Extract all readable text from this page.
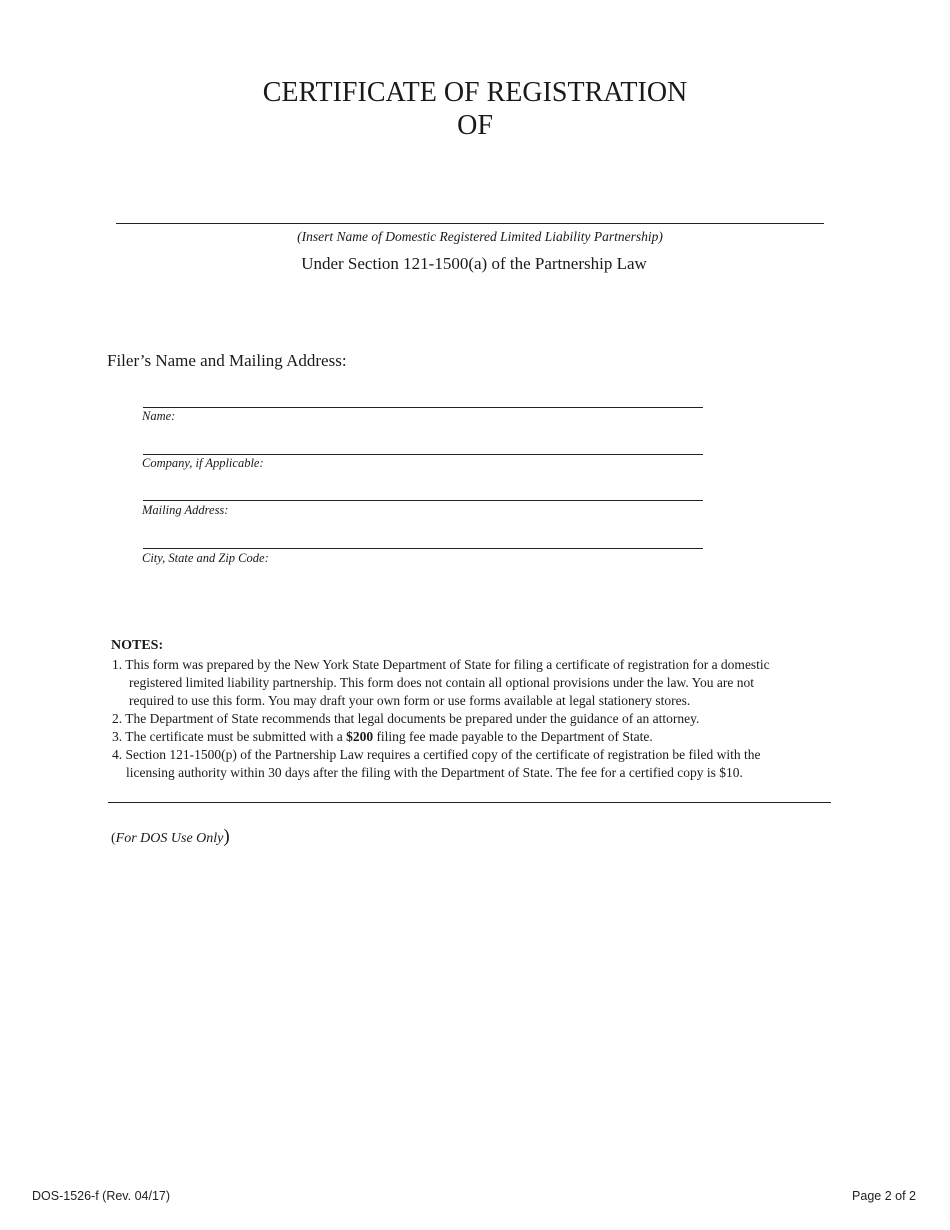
CERTIFICATE OF REGISTRATION
OF
(Insert Name of Domestic Registered Limited Liability Partnership)
Under Section 121-1500(a) of the Partnership Law
Filer’s Name and Mailing Address:
Name:
Company, if Applicable:
Mailing Address:
City, State and Zip Code:
NOTES:
1. This form was prepared by the New York State Department of State for filing a certificate of registration for a domestic
registered limited liability partnership. This form does not contain all optional provisions under the law. You are not
required to use this form. You may draft your own form or use forms available at legal stationery stores.
2. The Department of State recommends that legal documents be prepared under the guidance of an attorney.
3. The certificate must be submitted with a $200 filing fee made payable to the Department of State.
4. Section 121-1500(p) of the Partnership Law requires a certified copy of the certificate of registration be filed with the
licensing authority within 30 days after the filing with the Department of State. The fee for a certified copy is $10.
(For DOS Use Only)
DOS-1526-f (Rev. 04/17)	Page 2 of 2
